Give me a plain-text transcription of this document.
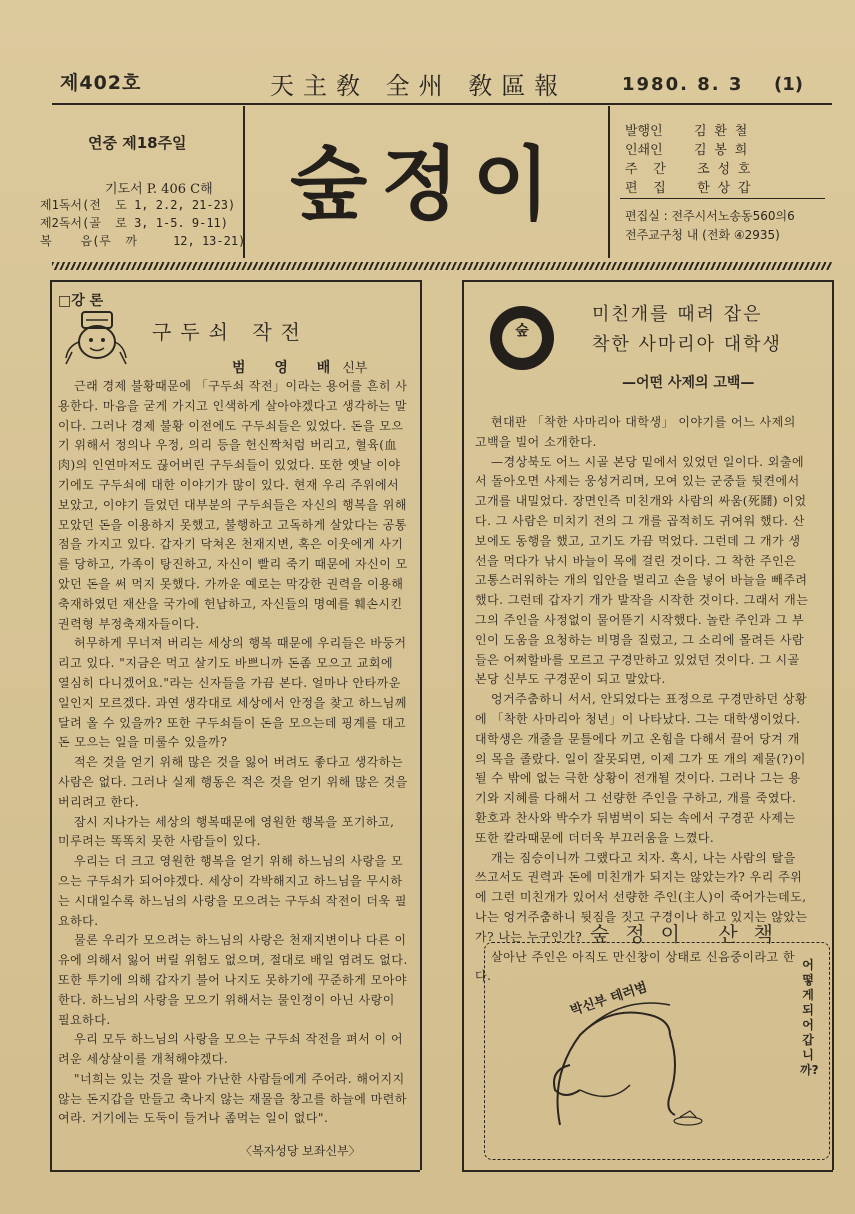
제402호	天主敎 全州 敎區報	1980. 8. 3 (1)
연중 제18주일
기도서 P. 406 C해
제1독서(전  도 1, 2.2, 21-23)
제2독서(골  로 3, 1-5. 9-11)
복    음(루  까     12, 13-21)
숲정이
발행인    김 환 철
인쇄인    김 봉 희
주  간    조 성 호
편  집    한 상 갑
편집실 : 전주시서노송동560의6
전주교구청 내 (전화 ④2935)
□강 론
구두쇠 작전
범 영 배신부

근래 경제 불황때문에 「구두쇠 작전」이라는 용어를 흔히 사용한다. 마음을 굳게 가지고 인색하게 살아야겠다고 생각하는 말이다. 그러나 경제 불황 이전에도 구두쇠들은 있었다. 돈을 모으기 위해서 정의나 우정, 의리 등을 헌신짝처럼 버리고, 혈육(血肉)의 인연마저도 끊어버린 구두쇠들이 있었다. 또한 옛날 이야기에도 구두쇠에 대한 이야기가 많이 있다. 현재 우리 주위에서 보았고, 이야기 들었던 대부분의 구두쇠들은 자신의 행복을 위해 모았던 돈을 이용하지 못했고, 불행하고 고독하게 살았다는 공통점을 가지고 있다. 갑자기 닥쳐온 천재지변, 혹은 이웃에게 사기를 당하고, 가족이 탕진하고, 자신이 빨리 죽기 때문에 자신이 모았던 돈을 써 먹지 못했다. 가까운 예로는 막강한 권력을 이용해 축재하였던 재산을 국가에 헌납하고, 자신들의 명예를 훼손시킨 권력형 부정축재자들이다.

허무하게 무너져 버리는 세상의 행복 때문에 우리들은 바둥거리고 있다. "지금은 먹고 살기도 바쁘니까 돈좀 모으고 교회에 열심히 다니겠어요."라는 신자들을 가끔 본다. 얼마나 안타까운 일인지 모르겠다. 과연 생각대로 세상에서 안정을 찾고 하느님께 달려 올 수 있을까? 또한 구두쇠들이 돈을 모으는데 핑계를 대고 돈 모으는 일을 미룰수 있을까?

적은 것을 얻기 위해 많은 것을 잃어 버려도 좋다고 생각하는 사람은 없다. 그러나 실제 행동은 적은 것을 얻기 위해 많은 것을 버리려고 한다.

잠시 지나가는 세상의 행복때문에 영원한 행복을 포기하고, 미루려는 똑똑치 못한 사람들이 있다.

우리는 더 크고 영원한 행복을 얻기 위해 하느님의 사랑을 모으는 구두쇠가 되어야겠다. 세상이 각박해지고 하느님을 무시하는 시대일수록 하느님의 사랑을 모으려는 구두쇠 작전이 더욱 필요하다.

물론 우리가 모으려는 하느님의 사랑은 천재지변이나 다른 이유에 의해서 잃어 버릴 위험도 없으며, 절대로 배일 염려도 없다. 또한 투기에 의해 갑자기 불어 나지도 못하기에 꾸준하게 모아야 한다. 하느님의 사랑을 모으기 위해서는 물인정이 아닌 사랑이 필요하다.

우리 모두 하느님의 사랑을 모으는 구두쇠 작전을 펴서 이 어려운 세상살이를 개척해야겠다.

"너희는 있는 것을 팔아 가난한 사람들에게 주어라. 해어지지 않는 돈지갑을 만들고 축나지 않는 재물을 창고를 하늘에 마련하여라. 거기에는 도둑이 들거나 좀먹는 일이 없다".

〈복자성당 보좌신부〉
숲
미친개를 때려 잡은
착한 사마리아 대학생
—어떤 사제의 고백—

현대판 「착한 사마리아 대학생」 이야기를 어느 사제의 고백을 빌어 소개한다.

—경상북도 어느 시골 본당 밑에서 있었던 일이다. 외출에서 돌아오면 사제는 웅성거리며, 모여 있는 군중들 뒷켠에서 고개를 내밀었다. 장면인즉 미친개와 사람의 싸움(死鬪) 이었다. 그 사람은 미치기 전의 그 개를 곱적히도 귀여워 했다. 산보에도 동행을 했고, 고기도 가끔 먹었다. 그런데 그 개가 생선을 먹다가 낚시 바늘이 목에 걸린 것이다. 그 착한 주인은 고통스러워하는 개의 입안을 벌리고 손을 넣어 바늘을 빼주려 했다. 그런데 갑자기 개가 발작을 시작한 것이다. 그래서 개는 그의 주인을 사정없이 물어뜯기 시작했다. 놀란 주인과 그 부인이 도움을 요청하는 비명을 질렀고, 그 소리에 몰려든 사람들은 어쩌할바를 모르고 구경만하고 있었던 것이다. 그 시골본당 신부도 구경꾼이 되고 말았다.

엉거주춤하니 서서, 안되었다는 표정으로 구경만하던 상황에 「착한 사마리아 청년」이 나타났다. 그는 대학생이었다. 대학생은 개줄을 문틀에다 끼고 온힘을 다해서 끌어 당겨 개의 목을 졸랐다. 일이 잘못되면, 이제 그가 또 개의 제물(?)이 될 수 밖에 없는 극한 상황이 전개될 것이다. 그러나 그는 용기와 지혜를 다해서 그 선량한 주인을 구하고, 개를 죽였다. 환호과 찬사와 박수가 뒤범벅이 되는 속에서 구경꾼 사제는 또한 칼라때문에 더더욱 부끄러움을 느꼈다.

개는 짐승이니까 그랬다고 치자. 혹시, 나는 사람의 탈을 쓰고서도 권력과 돈에 미친개가 되지는 않았는가? 우리 주위에 그런 미친개가 있어서 선량한 주인(主人)이 죽어가는데도, 나는 엉거주춤하니 뒷짐을 짓고 구경이나 하고 있지는 않았는가? 나는 누구인가?

살아난 주인은 아직도 만신창이 상태로 신음중이라고 한다.

숲정이 산책
박신부 테러범
어떻게 되어 갑니까?
